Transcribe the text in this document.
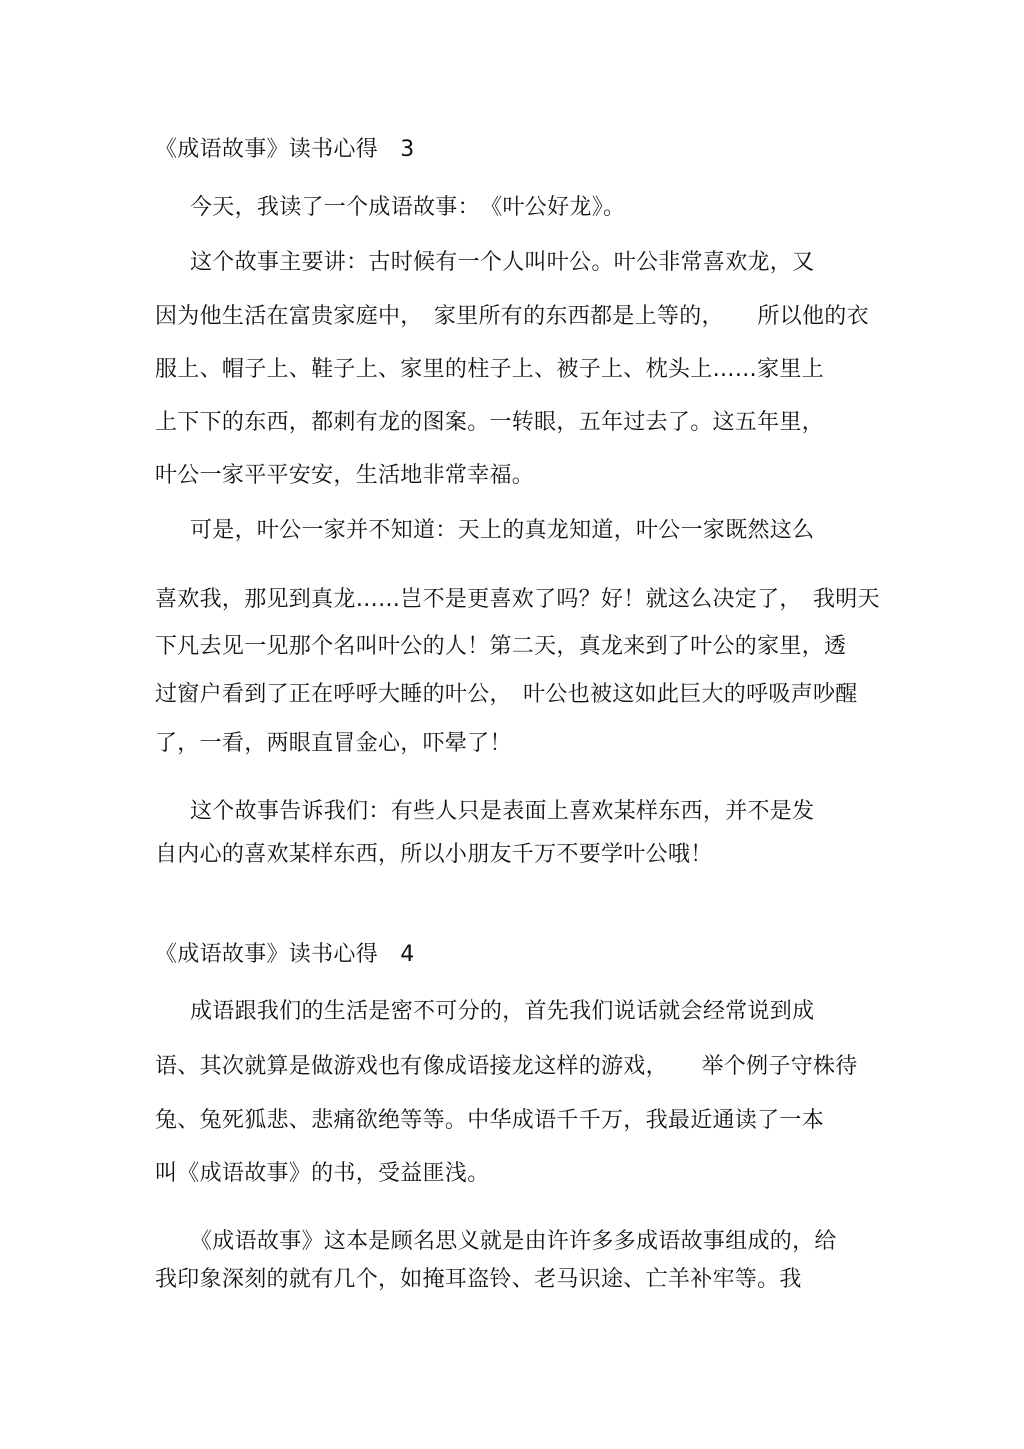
《成语故事》读书心得　3
今天，我读了一个成语故事：　《叶公好龙》。
这个故事主要讲：古时候有一个人叫叶公。叶公非常喜欢龙，又
因为他生活在富贵家庭中，　家里所有的东西都是上等的，　　所以他的衣
服上、帽子上、鞋子上、家里的柱子上、被子上、枕头上……家里上
上下下的东西，都刺有龙的图案。一转眼，五年过去了。这五年里，
叶公一家平平安安，生活地非常幸福。
可是，叶公一家并不知道：天上的真龙知道，叶公一家既然这么
喜欢我，那见到真龙……岂不是更喜欢了吗？好！就这么决定了，　我明天
下凡去见一见那个名叫叶公的人！第二天，真龙来到了叶公的家里，透
过窗户看到了正在呼呼大睡的叶公，　叶公也被这如此巨大的呼吸声吵醒
了，一看，两眼直冒金心，吓晕了！
这个故事告诉我们：有些人只是表面上喜欢某样东西，并不是发
自内心的喜欢某样东西，所以小朋友千万不要学叶公哦！
《成语故事》读书心得　4
成语跟我们的生活是密不可分的，首先我们说话就会经常说到成
语、其次就算是做游戏也有像成语接龙这样的游戏，　　举个例子守株待
兔、兔死狐悲、悲痛欲绝等等。中华成语千千万，我最近通读了一本
叫《成语故事》的书，受益匪浅。
《成语故事》这本是顾名思义就是由许许多多成语故事组成的，给
我印象深刻的就有几个，如掩耳盗铃、老马识途、亡羊补牢等。我
